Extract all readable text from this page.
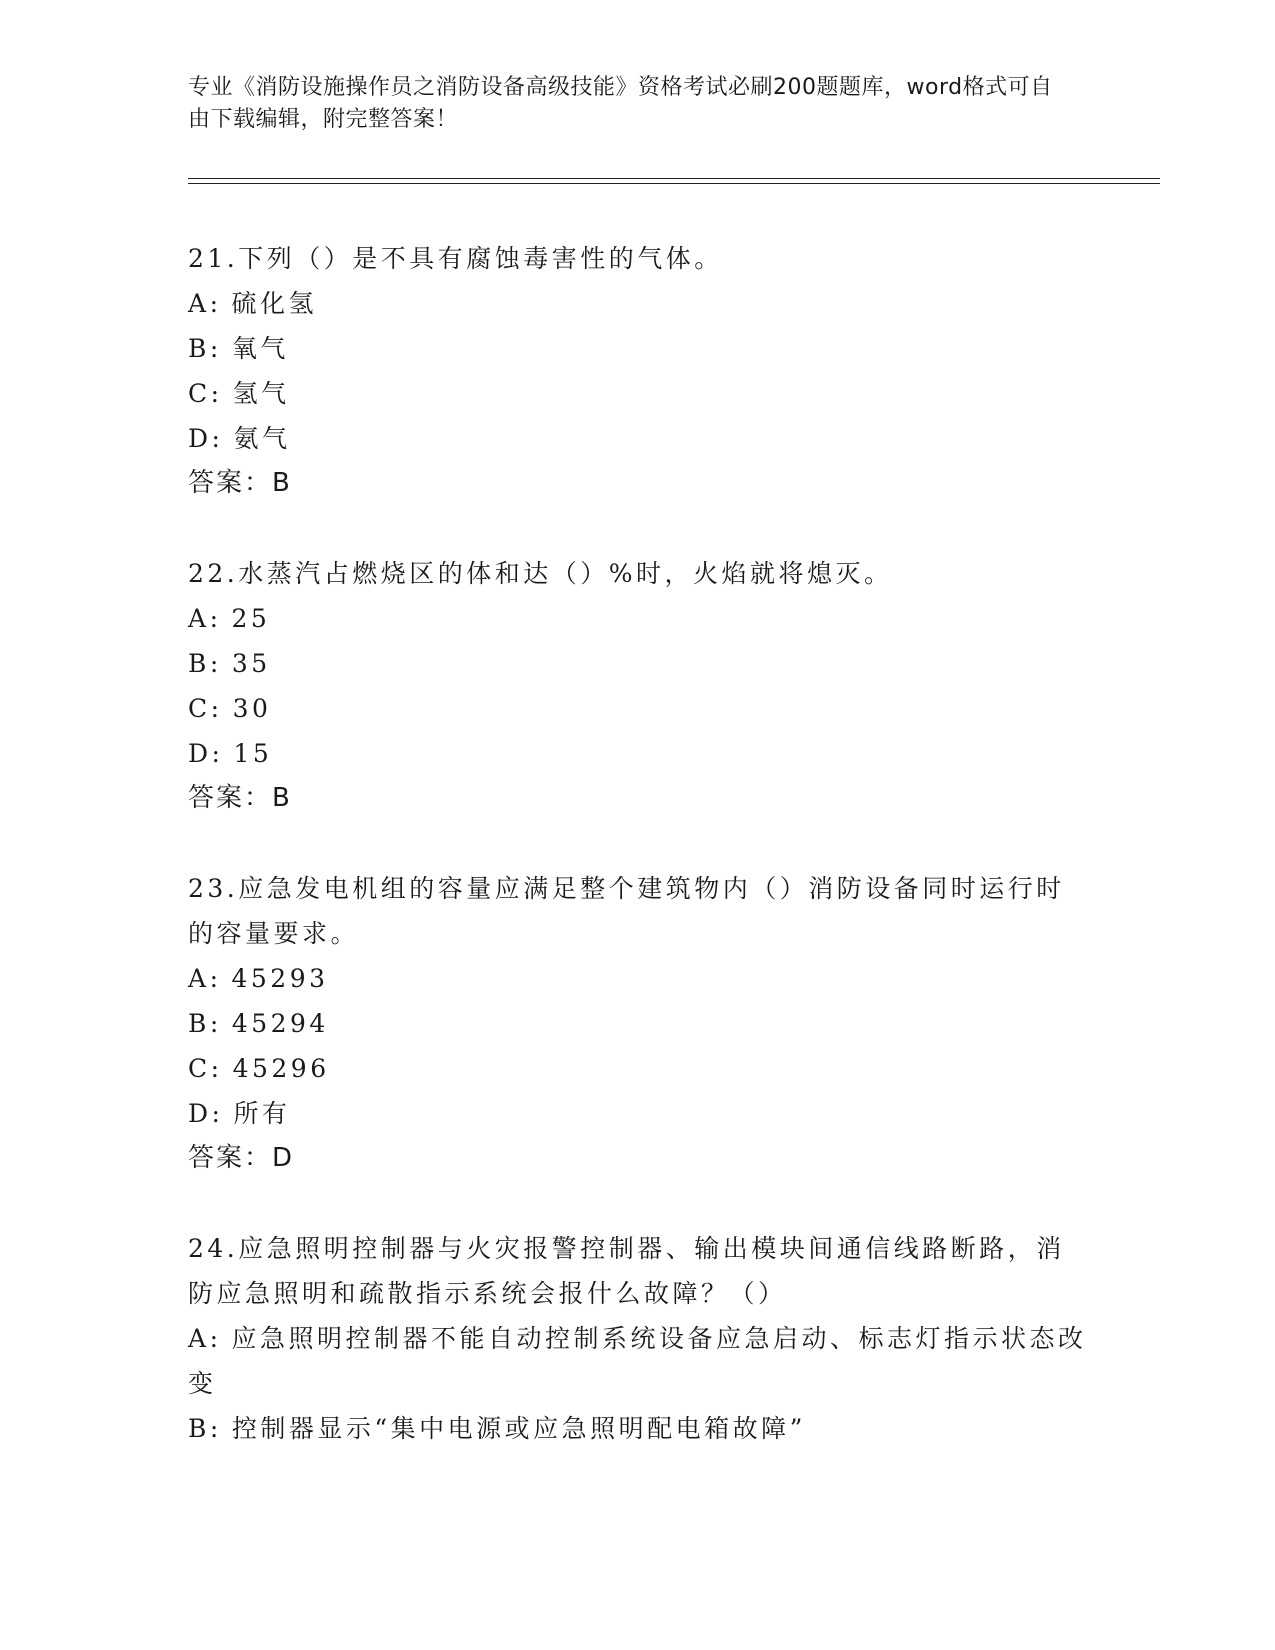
专业《消防设施操作员之消防设备高级技能》资格考试必刷200题题库，word格式可自由下载编辑，附完整答案！
21.下列（）是不具有腐蚀毒害性的气体。
A: 硫化氢
B: 氧气
C: 氢气
D: 氨气
答案：B
22.水蒸汽占燃烧区的体和达（）%时，火焰就将熄灭。
A: 25
B: 35
C: 30
D: 15
答案：B
23.应急发电机组的容量应满足整个建筑物内（）消防设备同时运行时的容量要求。
A: 45293
B: 45294
C: 45296
D: 所有
答案：D
24.应急照明控制器与火灾报警控制器、输出模块间通信线路断路，消防应急照明和疏散指示系统会报什么故障？（）
A: 应急照明控制器不能自动控制系统设备应急启动、标志灯指示状态改变
B: 控制器显示“集中电源或应急照明配电箱故障”
